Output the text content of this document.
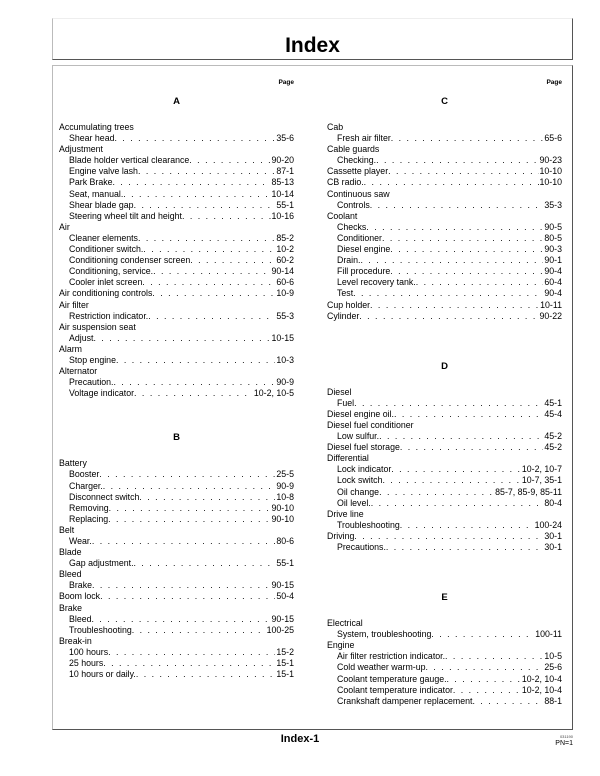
Index
Page
A
Accumulating trees
Shear head . . .	35-6
Adjustment
Blade holder vertical clearance . . .	90-20
Engine valve lash . . .	87-1
Park Brake . . .	85-13
Seat, manual. . . .	10-14
Shear blade gap . . .	55-1
Steering wheel tilt and height . . .	10-16
Air
Cleaner elements . . .	85-2
Conditioner switch. . . .	10-2
Conditioning condenser screen . . .	60-2
Conditioning, service. . . .	90-14
Cooler inlet screen . . .	60-6
Air conditioning controls . . .	10-9
Air filter
Restriction indicator. . . .	55-3
Air suspension seat
Adjust . . .	10-15
Alarm
Stop engine . . .	10-3
Alternator
Precaution. . . .	90-9
Voltage indicator . . .	10-2, 10-5
B
Battery
Booster . . .	25-5
Charger. . . .	90-9
Disconnect switch . . .	10-8
Removing . . .	90-10
Replacing . . .	90-10
Belt
Wear. . . .	80-6
Blade
Gap adjustment. . . .	55-1
Bleed
Brake . . .	90-15
Boom lock . . .	50-4
Brake
Bleed . . .	90-15
Troubleshooting . . .	100-25
Break-in
100 hours . . .	15-2
25 hours . . .	15-1
10 hours or daily. . . .	15-1
Page
C
Cab
Fresh air filter . . .	65-6
Cable guards
Checking. . . .	90-23
Cassette player . . .	10-10
CB radio. . . .	10-10
Continuous saw
Controls . . .	35-3
Coolant
Checks . . .	90-5
Conditioner . . .	80-5
Diesel engine . . .	90-3
Drain. . . .	90-1
Fill procedure . . .	90-4
Level recovery tank. . . .	60-4
Test . . .	90-4
Cup holder . . .	10-11
Cylinder . . .	90-22
D
Diesel
Fuel . . .	45-1
Diesel engine oil. . . .	45-4
Diesel fuel conditioner
Low sulfur. . . .	45-2
Diesel fuel storage . . .	45-2
Differential
Lock indicator . . .	10-2, 10-7
Lock switch . . .	10-7, 35-1
Oil change . . .	85-7, 85-9, 85-11
Oil level. . . .	80-4
Drive line
Troubleshooting . . .	100-24
Driving . . .	30-1
Precautions. . . .	30-1
E
Electrical
System, troubleshooting . . .	100-11
Engine
Air filter restriction indicator. . . .	10-5
Cold weather warm-up . . .	25-6
Coolant temperature gauge. . . .	10-2, 10-4
Coolant temperature indicator . . .	10-2, 10-4
Crankshaft dampener replacement . . .	88-1
Index-1	031190
PN=1
